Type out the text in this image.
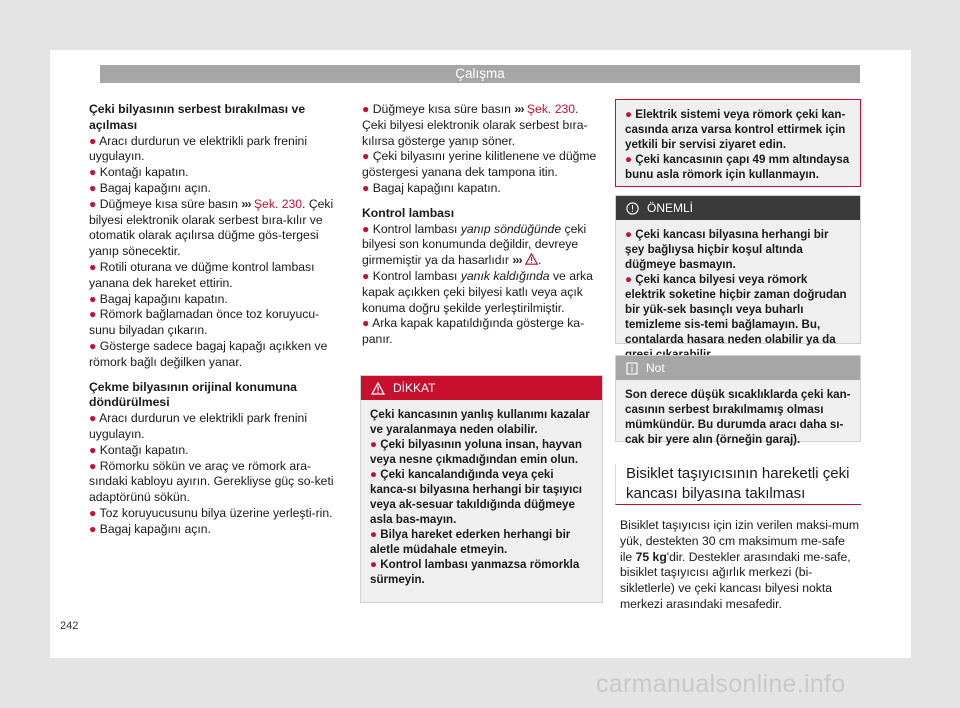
Çalışma

Çeki bilyasının serbest bırakılması ve açılması

● Aracı durdurun ve elektrikli park frenini uygulayın.

● Kontağı kapatın.

● Bagaj kapağını açın.

● Düğmeye kısa süre basın ››› Şek. 230. Çeki bilyesi elektronik olarak serbest bıra-kılır ve otomatik olarak açılırsa düğme gös-tergesi yanıp sönecektir.

● Rotili oturana ve düğme kontrol lambası yanana dek hareket ettirin.

● Bagaj kapağını kapatın.

● Römork bağlamadan önce toz koruyucu-sunu bilyadan çıkarın.

● Gösterge sadece bagaj kapağı açıkken ve römork bağlı değilken yanar.

Çekme bilyasının orijinal konumuna döndürülmesi

● Aracı durdurun ve elektrikli park frenini uygulayın.

● Kontağı kapatın.

● Römorku sökün ve araç ve römork ara-sındaki kabloyu ayırın. Gerekliyse güç so-keti adaptörünü sökün.

● Toz koruyucusunu bilya üzerine yerleşti-rin.

● Bagaj kapağını açın.

● Düğmeye kısa süre basın ››› Şek. 230. Çeki bilyesi elektronik olarak serbest bıra-kılırsa gösterge yanıp söner.

● Çeki bilyasını yerine kilitlenene ve düğme göstergesi yanana dek tampona itin.

● Bagaj kapağını kapatın.

Kontrol lambası

● Kontrol lambası yanıp söndüğünde çeki bilyesi son konumunda değildir, devreye girmemiştir ya da hasarlıdır ››› .

● Kontrol lambası yanık kaldığında ve arka kapak açıkken çeki bilyesi katlı veya açık konuma doğru şekilde yerleştirilmiştir.

● Arka kapak kapatıldığında gösterge ka-panır.

DİKKAT

Çeki kancasının yanlış kullanımı kazalar ve yaralanmaya neden olabilir.

● Çeki bilyasının yoluna insan, hayvan veya nesne çıkmadığından emin olun.

● Çeki kancalandığında veya çeki kanca-sı bilyasına herhangi bir taşıyıcı veya ak-sesuar takıldığında düğmeye asla bas-mayın.

● Bilya hareket ederken herhangi bir aletle müdahale etmeyin.

● Kontrol lambası yanmazsa römorkla sürmeyin.

● Elektrik sistemi veya römork çeki kan-casında arıza varsa kontrol ettirmek için yetkili bir servisi ziyaret edin.

● Çeki kancasının çapı 49 mm altındaysa bunu asla römork için kullanmayın.

ÖNEMLİ

● Çeki kancası bilyasına herhangi bir şey bağlıysa hiçbir koşul altında düğmeye basmayın.

● Çeki kanca bilyesi veya römork elektrik soketine hiçbir zaman doğrudan bir yük-sek basınçlı veya buharlı temizleme sis-temi bağlamayın. Bu, contalarda hasara neden olabilir ya da

Not

Son derece düşük sıcaklıklarda çeki kan-casının serbest bırakılmamış olması mümkündür. Bu durumda aracı daha sı-cak bir yere alın (örneğin garaj).

Bisiklet taşıyıcısının hareketli çeki kancası bilyasına takılması
Bisiklet taşıyıcısı için izin verilen maksi-mum yük, destekten 30 cm maksimum me-safe ile 75 kg'dir. Destekler arasındaki me-safe, bisiklet taşıyıcısı ağırlık merkezi (bi-sikletlerle) ve çeki kancası bilyesi nokta merkezi arasındaki mesafedir.
242
carmanualsonline.info
